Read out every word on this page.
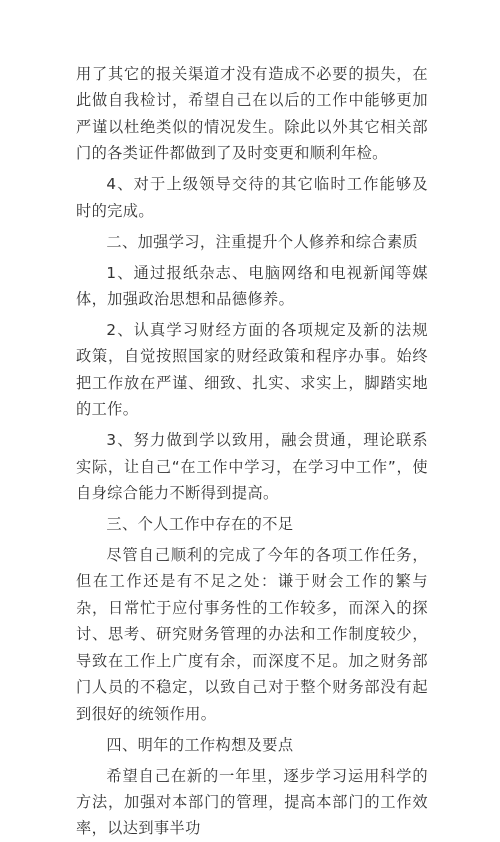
用了其它的报关渠道才没有造成不必要的损失，在此做自我检讨，希望自己在以后的工作中能够更加严谨以杜绝类似的情况发生。除此以外其它相关部门的各类证件都做到了及时变更和顺利年检。

4、对于上级领导交待的其它临时工作能够及时的完成。

二、加强学习，注重提升个人修养和综合素质

1、通过报纸杂志、电脑网络和电视新闻等媒体，加强政治思想和品德修养。

2、认真学习财经方面的各项规定及新的法规政策，自觉按照国家的财经政策和程序办事。始终把工作放在严谨、细致、扎实、求实上，脚踏实地的工作。

3、努力做到学以致用，融会贯通，理论联系实际，让自己“在工作中学习，在学习中工作”，使自身综合能力不断得到提高。

三、个人工作中存在的不足

尽管自己顺利的完成了今年的各项工作任务，但在工作还是有不足之处：谦于财会工作的繁与杂，日常忙于应付事务性的工作较多，而深入的探讨、思考、研究财务管理的办法和工作制度较少，导致在工作上广度有余，而深度不足。加之财务部门人员的不稳定，以致自己对于整个财务部没有起到很好的统领作用。

四、明年的工作构想及要点

希望自己在新的一年里，逐步学习运用科学的方法，加强对本部门的管理，提高本部门的工作效率，以达到事半功
